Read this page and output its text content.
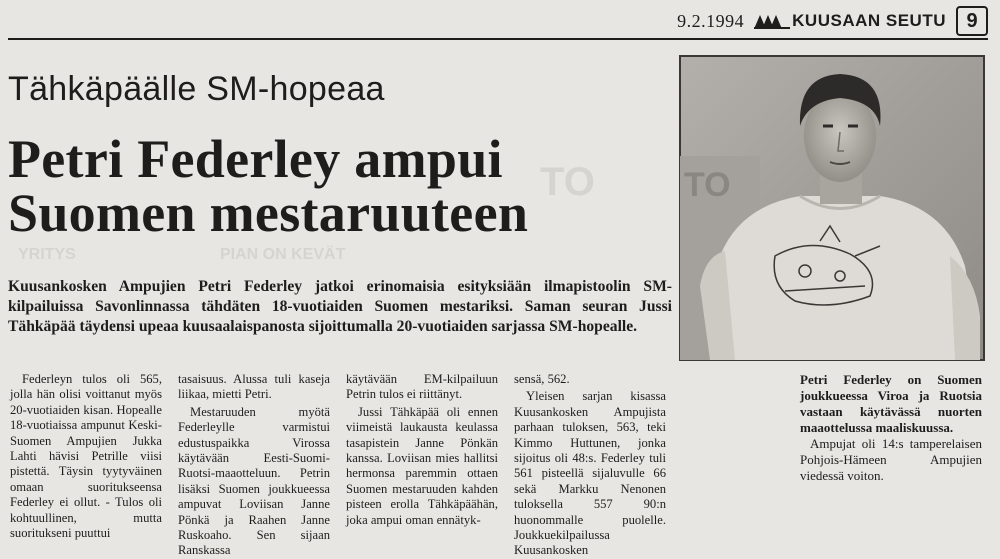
9.2.1994	KUUSAAN SEUTU	9
TO
YRITYS	PIAN ON KEVÄT
Tähkäpäälle SM-hopeaa
Petri Federley ampui
Suomen mestaruuteen
Kuusankosken Ampujien Petri Federley jatkoi erinomaisia esityksiään ilmapistoolin SM-kilpailuissa Savonlinnassa tähdäten 18-vuotiaiden Suomen mestariksi. Saman seuran Jussi Tähkäpää täydensi upeaa kuusaalaispanosta sijoittumalla 20-vuotiaiden sarjassa SM-hopealle.

Federleyn tulos oli 565, jolla hän olisi voittanut myös 20-vuotiaiden kisan. Hopealle 18-vuotiaissa ampunut Keski-Suomen Ampujien Jukka Lahti hävisi Petrille viisi pistettä. Täysin tyytyväinen omaan suoritukseensa Federley ei ollut. - Tulos oli kohtuullinen, mutta suoritukseni puuttui

tasaisuus. Alussa tuli kaseja liikaa, mietti Petri.

Mestaruuden myötä Federleylle varmistui edustuspaikka Virossa käytävään Eesti-Suomi-Ruotsi-maaotteluun. Petrin lisäksi Suomen joukkueessa ampuvat Loviisan Janne Pönkä ja Raahen Janne Ruskoaho. Sen sijaan Ranskassa

käytävään EM-kilpailuun Petrin tulos ei riittänyt.

Jussi Tähkäpää oli ennen viimeistä laukausta keulassa tasapistein Janne Pönkän kanssa. Loviisan mies hallitsi hermonsa paremmin ottaen Suomen mestaruuden kahden pisteen erolla Tähkäpäähän, joka ampui oman ennätyk-

sensä, 562.

Yleisen sarjan kisassa Kuusankosken Ampujista parhaan tuloksen, 563, teki Kimmo Huttunen, jonka sijoitus oli 48:s. Federley tuli 561 pisteellä sijaluvulle 66 sekä Markku Nenonen tuloksella 557 90:n huonommalle puolelle. Joukkuekilpailussa Kuusankosken

TO

Petri Federley on Suomen joukkueessa Viroa ja Ruotsia vastaan käytävässä nuorten maaottelussa maaliskuussa.

Ampujat oli 14:s tamperelaisen Pohjois-Hämeen Ampujien viedessä voiton.
